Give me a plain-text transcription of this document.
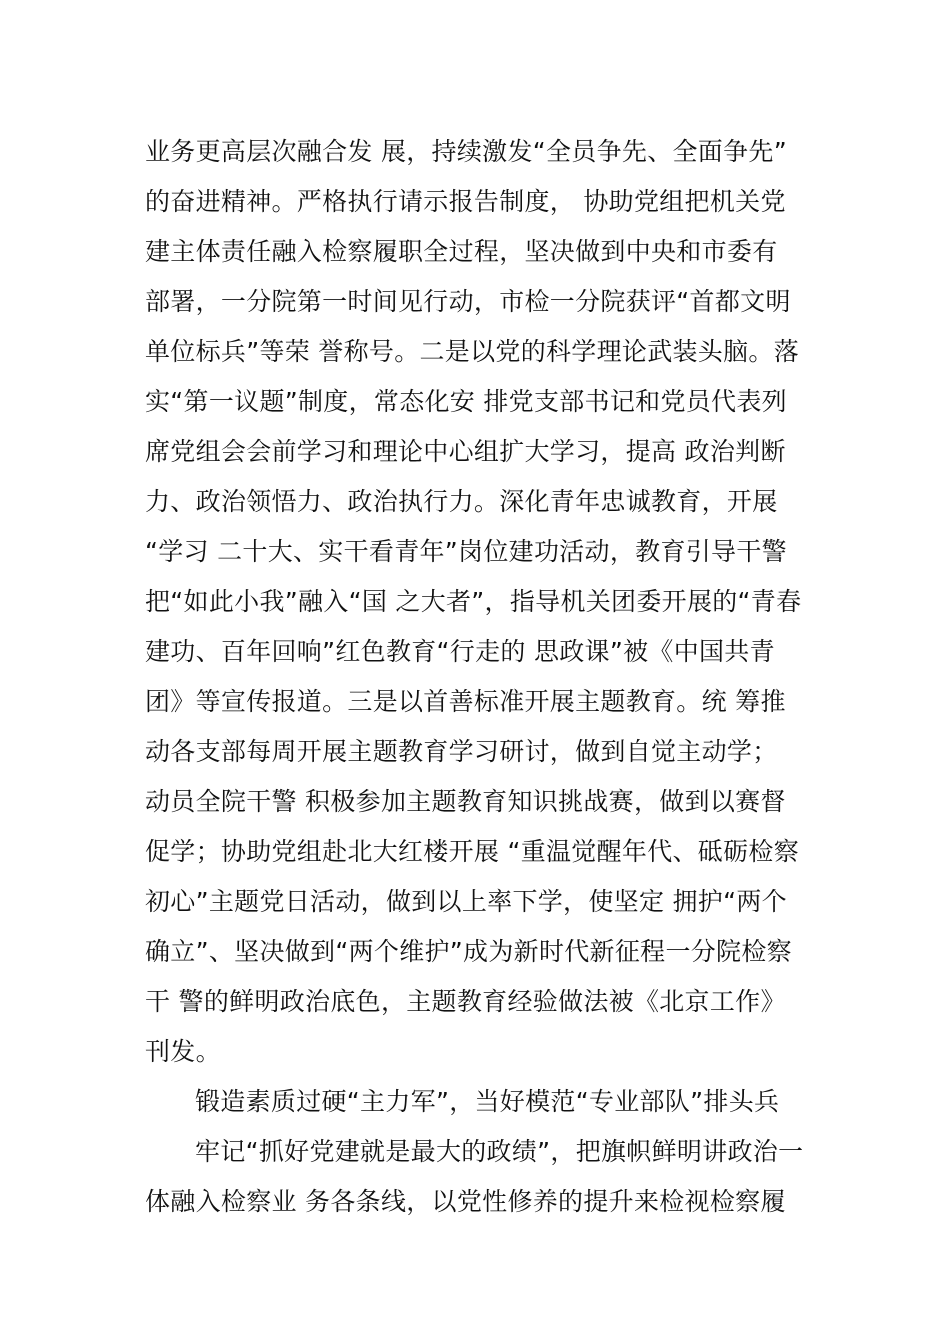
业务更高层次融合发 展，持续激发“全员争先、全面争先”
的奋进精神。严格执行请示报告制度， 协助党组把机关党
建主体责任融入检察履职全过程，坚决做到中央和市委有
部署，一分院第一时间见行动，市检一分院获评“首都文明
单位标兵”等荣 誉称号。二是以党的科学理论武装头脑。落
实“第一议题”制度，常态化安 排党支部书记和党员代表列
席党组会会前学习和理论中心组扩大学习，提高 政治判断
力、政治领悟力、政治执行力。深化青年忠诚教育，开展
“学习 二十大、实干看青年”岗位建功活动，教育引导干警
把“如此小我”融入“国 之大者”，指导机关团委开展的“青春
建功、百年回响”红色教育“行走的 思政课”被《中国共青
团》等宣传报道。三是以首善标准开展主题教育。统 筹推
动各支部每周开展主题教育学习研讨，做到自觉主动学；
动员全院干警 积极参加主题教育知识挑战赛，做到以赛督
促学；协助党组赴北大红楼开展 “重温觉醒年代、砥砺检察
初心”主题党日活动，做到以上率下学，使坚定 拥护“两个
确立”、坚决做到“两个维护”成为新时代新征程一分院检察
干 警的鲜明政治底色，主题教育经验做法被《北京工作》
刊发。
锻造素质过硬“主力军”，当好模范“专业部队”排头兵
牢记“抓好党建就是最大的政绩”，把旗帜鲜明讲政治一
体融入检察业 务各条线，以党性修养的提升来检视检察履
